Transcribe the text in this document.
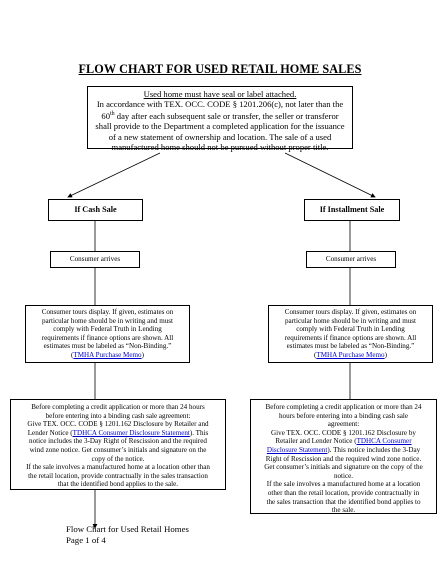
FLOW CHART FOR USED RETAIL HOME SALES
Used home must have seal or label attached.
In accordance with TEX. OCC. CODE § 1201.206(c), not later than the
60th day after each subsequent sale or transfer, the seller or transferor
shall provide to the Department a completed application for the issuance
of a new statement of ownership and location. The sale of a used
manufactured home should not be pursued without proper title.
If Cash Sale
Consumer arrives
Consumer tours display. If given, estimates on
particular home should be in writing and must
comply with Federal Truth in Lending
requirements if finance options are shown. All
estimates must be labeled as “Non-Binding.”
(TMHA Purchase Memo)
Before completing a credit application or more than 24 hours
before entering into a binding cash sale agreement:
Give TEX. OCC. CODE § 1201.162 Disclosure by Retailer and
Lender Notice (TDHCA Consumer Disclosure Statement). This
notice includes the 3-Day Right of Rescission and the required
wind zone notice. Get consumer’s initials and signature on the
copy of the notice.
If the sale involves a manufactured home at a location other than
the retail location, provide contractually in the sales transaction
that the identified bond applies to the sale.
If Installment Sale
Consumer arrives
Consumer tours display. If given, estimates on
particular home should be in writing and must
comply with Federal Truth in Lending
requirements if finance options are shown. All
estimates must be labeled as “Non-Binding.”
(TMHA Purchase Memo)
Before completing a credit application or more than 24
hours before entering into a binding cash sale
agreement:
Give TEX. OCC. CODE § 1201.162 Disclosure by
Retailer and Lender Notice (TDHCA Consumer
Disclosure Statement). This notice includes the 3-Day
Right of Rescission and the required wind zone notice.
Get consumer’s initials and signature on the copy of the
notice.
If the sale involves a manufactured home at a location
other than the retail location, provide contractually in
the sales transaction that the identified bond applies to
the sale.
Flow Chart for Used Retail Homes
Page 1 of 4
